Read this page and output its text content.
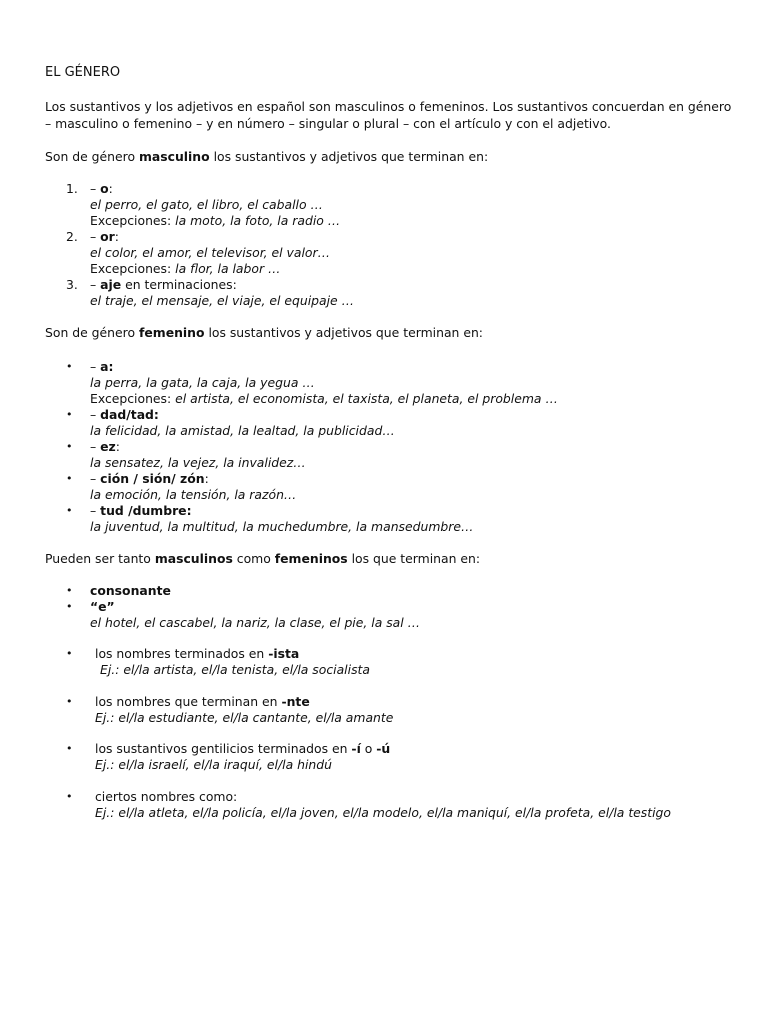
EL GÉNERO

Los sustantivos y los adjetivos en español son masculinos o femeninos. Los sustantivos concuerdan en género – masculino o femenino – y en número – singular o plural – con el artículo y con el adjetivo.

Son de género masculino los sustantivos y adjetivos que terminan en:

1. – o:
el perro, el gato, el libro, el caballo …
Excepciones: la moto, la foto, la radio …
2. – or:
el color, el amor, el televisor, el valor…
Excepciones: la flor, la labor …
3. – aje en terminaciones:
el traje, el mensaje, el viaje, el equipaje …

Son de género femenino los sustantivos y adjetivos que terminan en:

• – a:
la perra, la gata, la caja, la yegua …
Excepciones: el artista, el economista, el taxista, el planeta, el problema …
• – dad/tad:
la felicidad, la amistad, la lealtad, la publicidad…
• – ez:
la sensatez, la vejez, la invalidez…
• – ción / sión/ zón:
la emoción, la tensión, la razón…
• – tud /dumbre:
la juventud, la multitud, la muchedumbre, la mansedumbre…

Pueden ser tanto masculinos como femeninos los que terminan en:

• consonante
• “e”
el hotel, el cascabel, la nariz, la clase, el pie, la sal …
• los nombres terminados en -ista
Ej.: el/la artista, el/la tenista, el/la socialista
• los nombres que terminan en -nte
Ej.: el/la estudiante, el/la cantante, el/la amante
• los sustantivos gentilicios terminados en -í o -ú
Ej.: el/la israelí, el/la iraquí, el/la hindú
• ciertos nombres como:
Ej.: el/la atleta, el/la policía, el/la joven, el/la modelo, el/la maniquí, el/la profeta, el/la testigo
